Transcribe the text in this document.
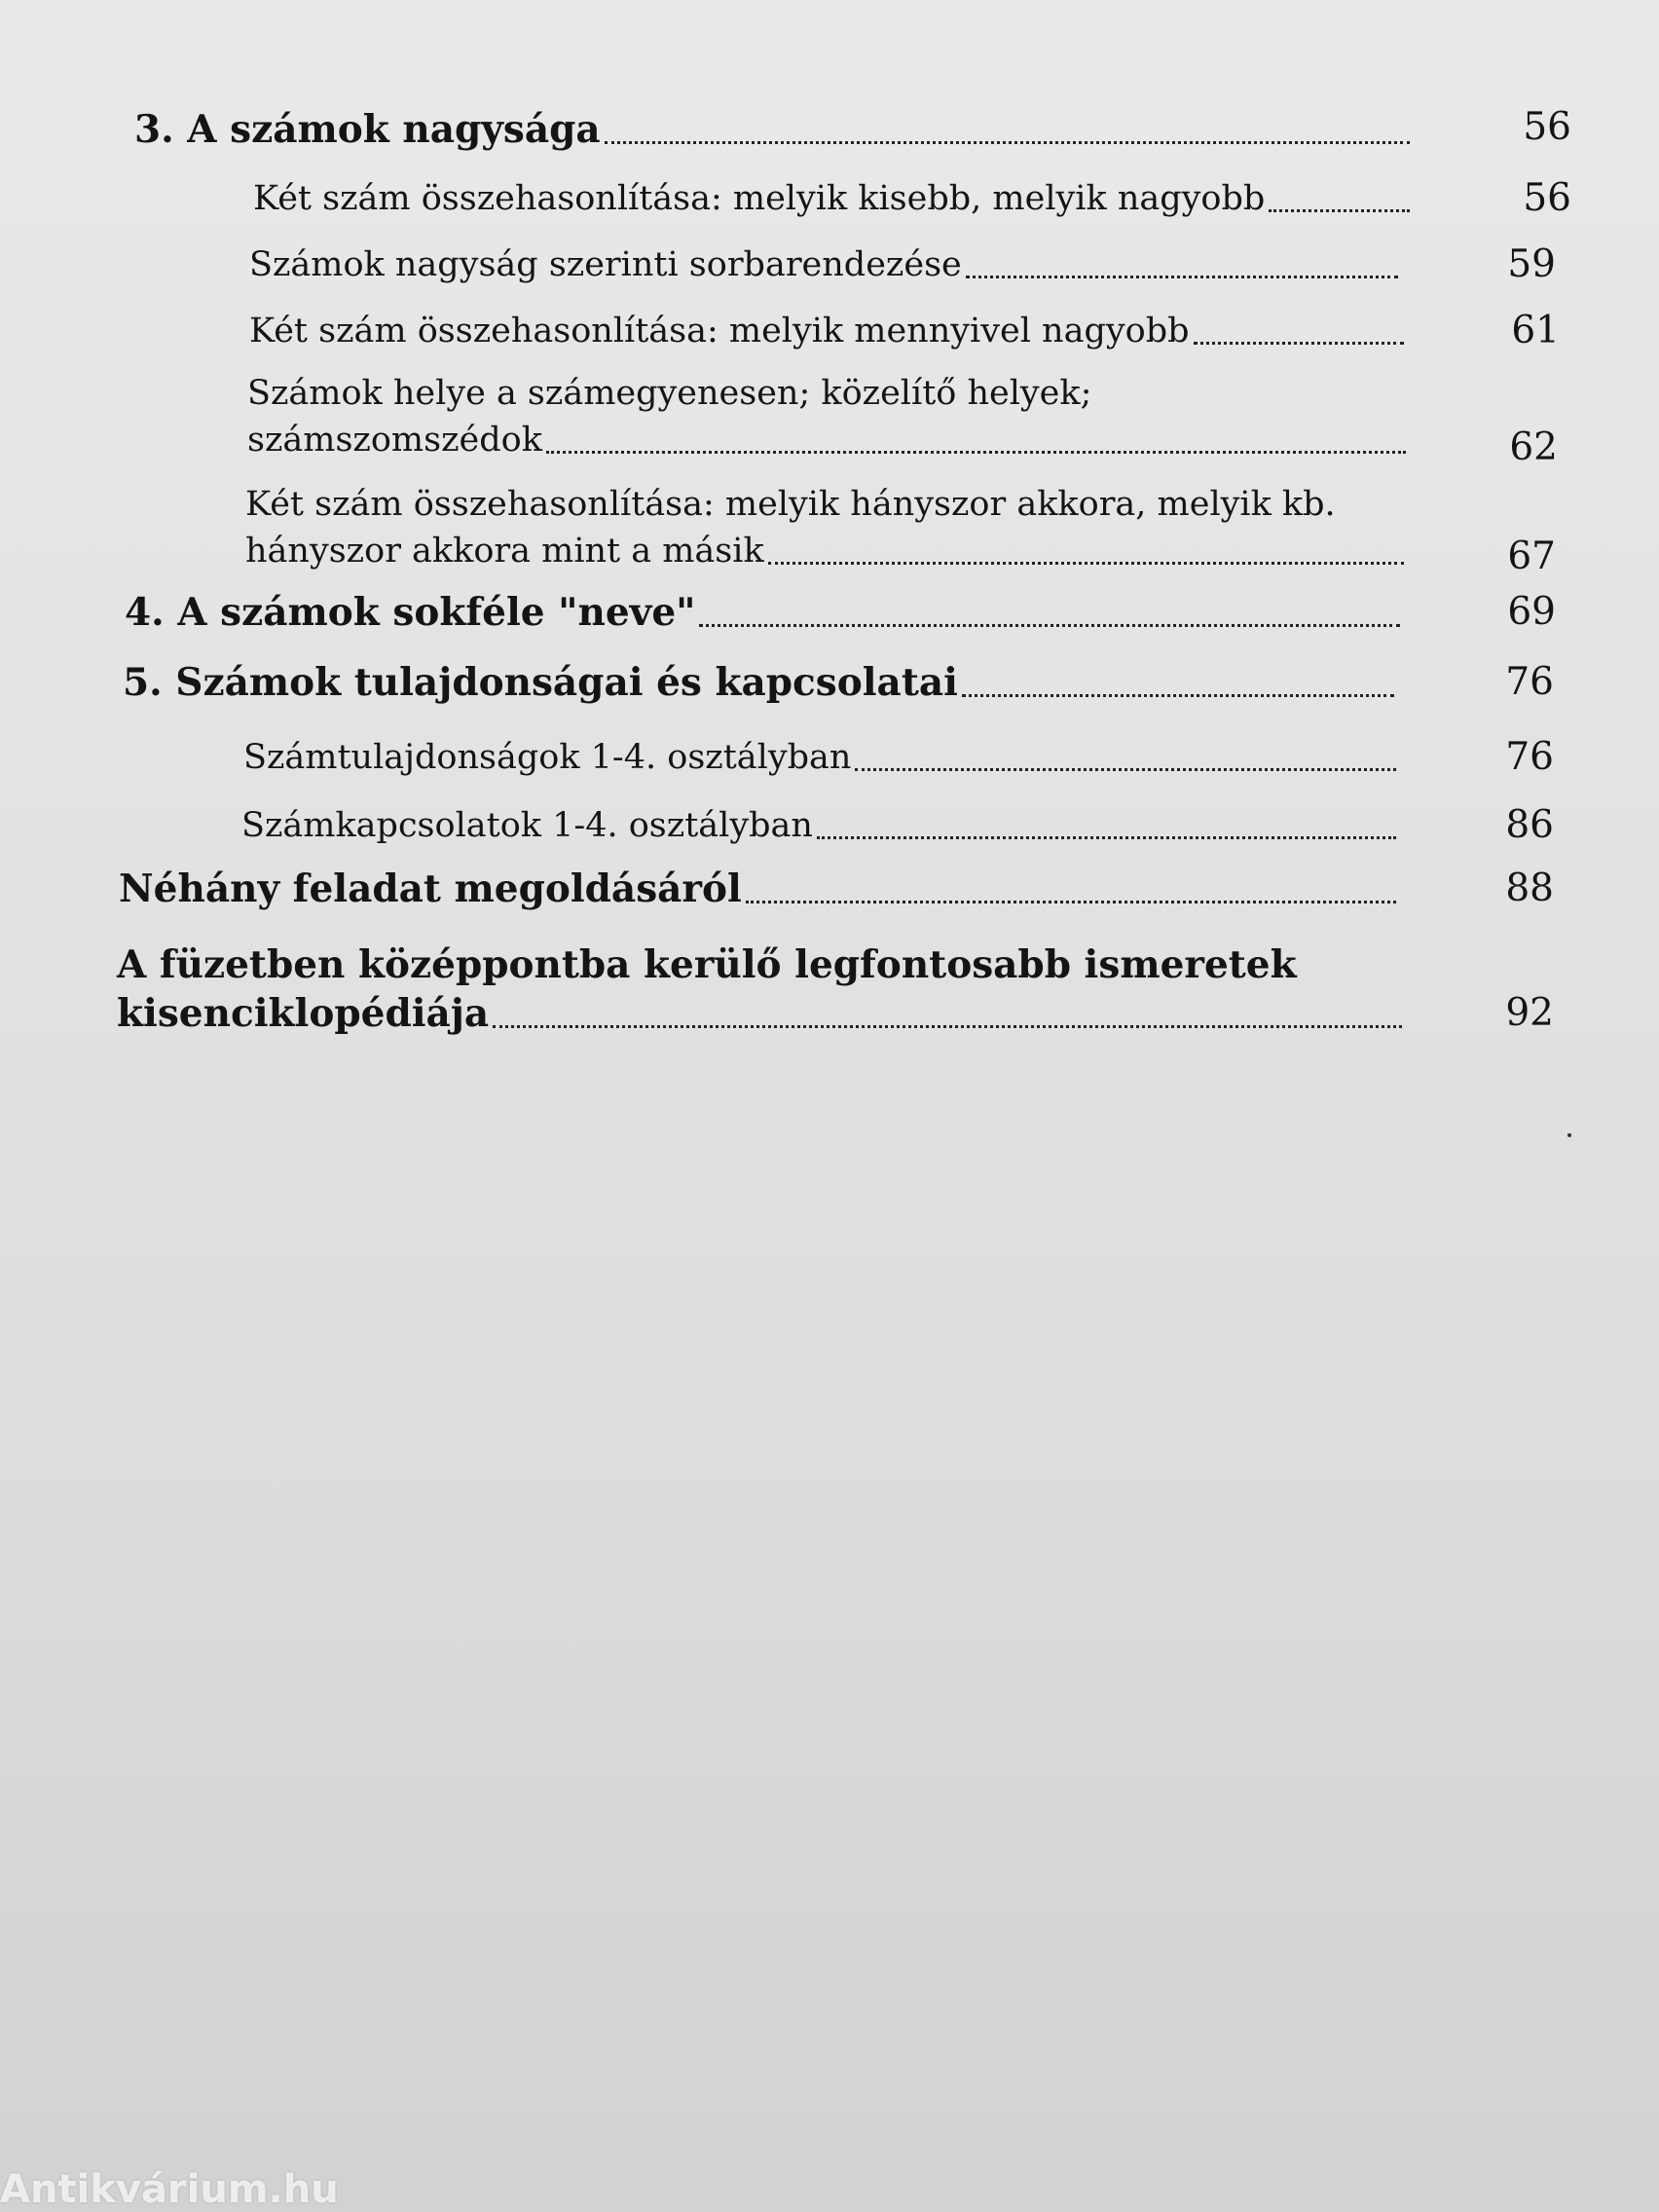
3. A számok nagysága	56
Két szám összehasonlítása: melyik kisebb, melyik nagyobb	56
Számok nagyság szerinti sorbarendezése	59
Két szám összehasonlítása: melyik mennyivel nagyobb	61
Számok helye a számegyenesen; közelítő helyek;
számszomszédok	62
Két szám összehasonlítása: melyik hányszor akkora, melyik kb.
hányszor akkora mint a másik	67
4. A számok sokféle "neve"	69
5. Számok tulajdonságai és kapcsolatai	76
Számtulajdonságok 1-4. osztályban	76
Számkapcsolatok 1-4. osztályban	86
Néhány feladat megoldásáról	88
A füzetben középpontba kerülő legfontosabb ismeretek
kisenciklopédiája	92
Antikvárium.hu
